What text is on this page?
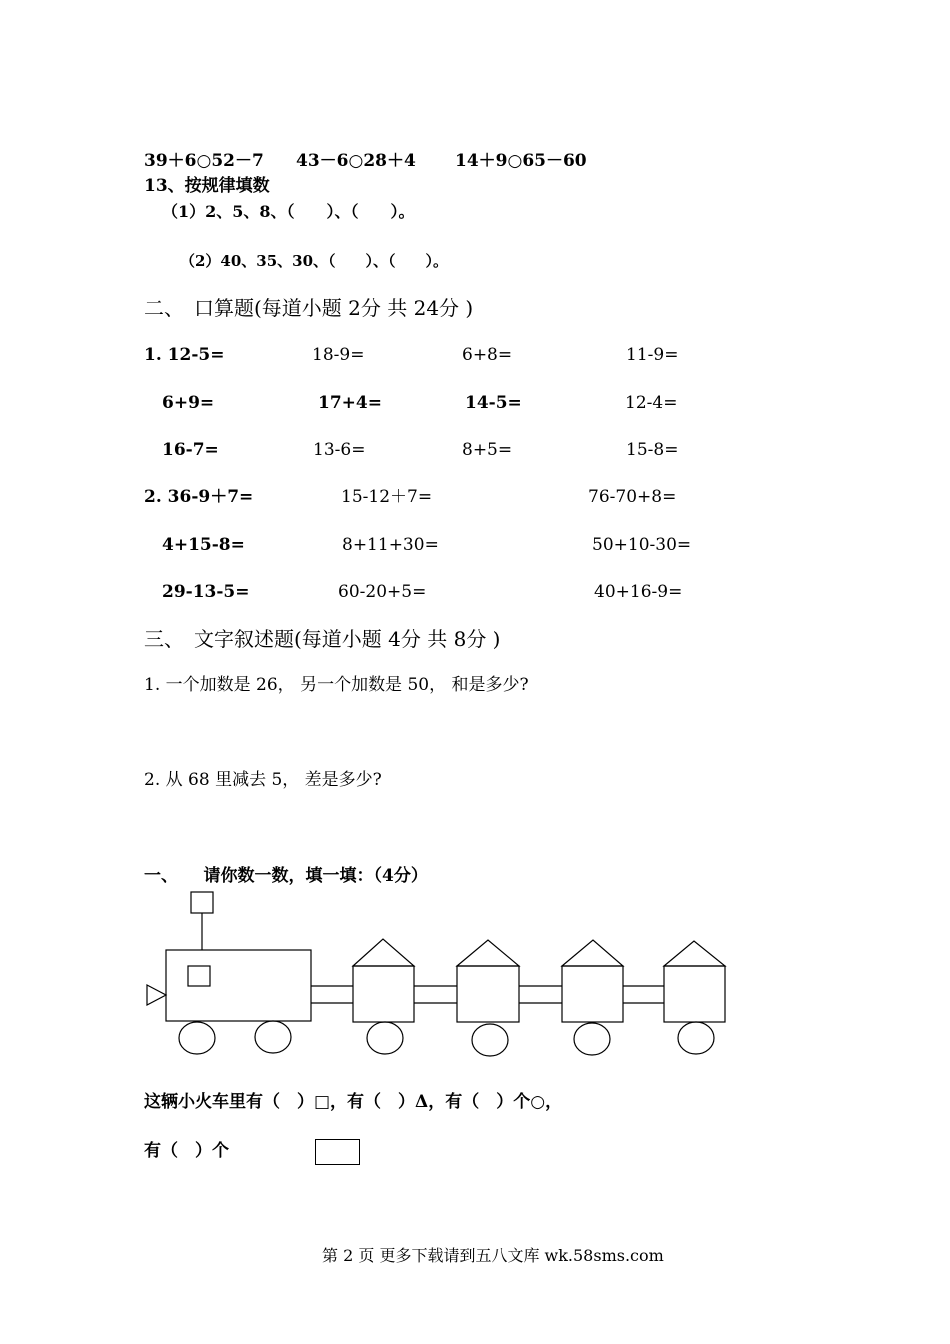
39＋6○52－7 43－6○28＋4 14＋9○65－60
13、按规律填数
（1）2、5、8、（　　）、（　　）。
（2）40、35、30、（　　）、（　　）。
二、　口算题(每道小题 2分 共 24分 )
1. 12-5=	18-9=	6+8=	11-9=
6+9=	17+4=	14-5=	12-4=
16-7=	13-6=	8+5=	15-8=
2. 36-9＋7=	15-12＋7=	76-70+8=
4+15-8=	8+11+30=	50+10-30=
29-13-5=	60-20+5=	40+16-9=
三、　文字叙述题(每道小题 4分 共 8分 )
1. 一个加数是 26， 另一个加数是 50， 和是多少?
2. 从 68 里减去 5， 差是多少?
一、　　请你数一数，填一填：（4分）
这辆小火车里有（　）□，有（　）Δ，有（　）个○，
有（　）个
第 2 页 更多下载请到五八文库 wk.58sms.com
